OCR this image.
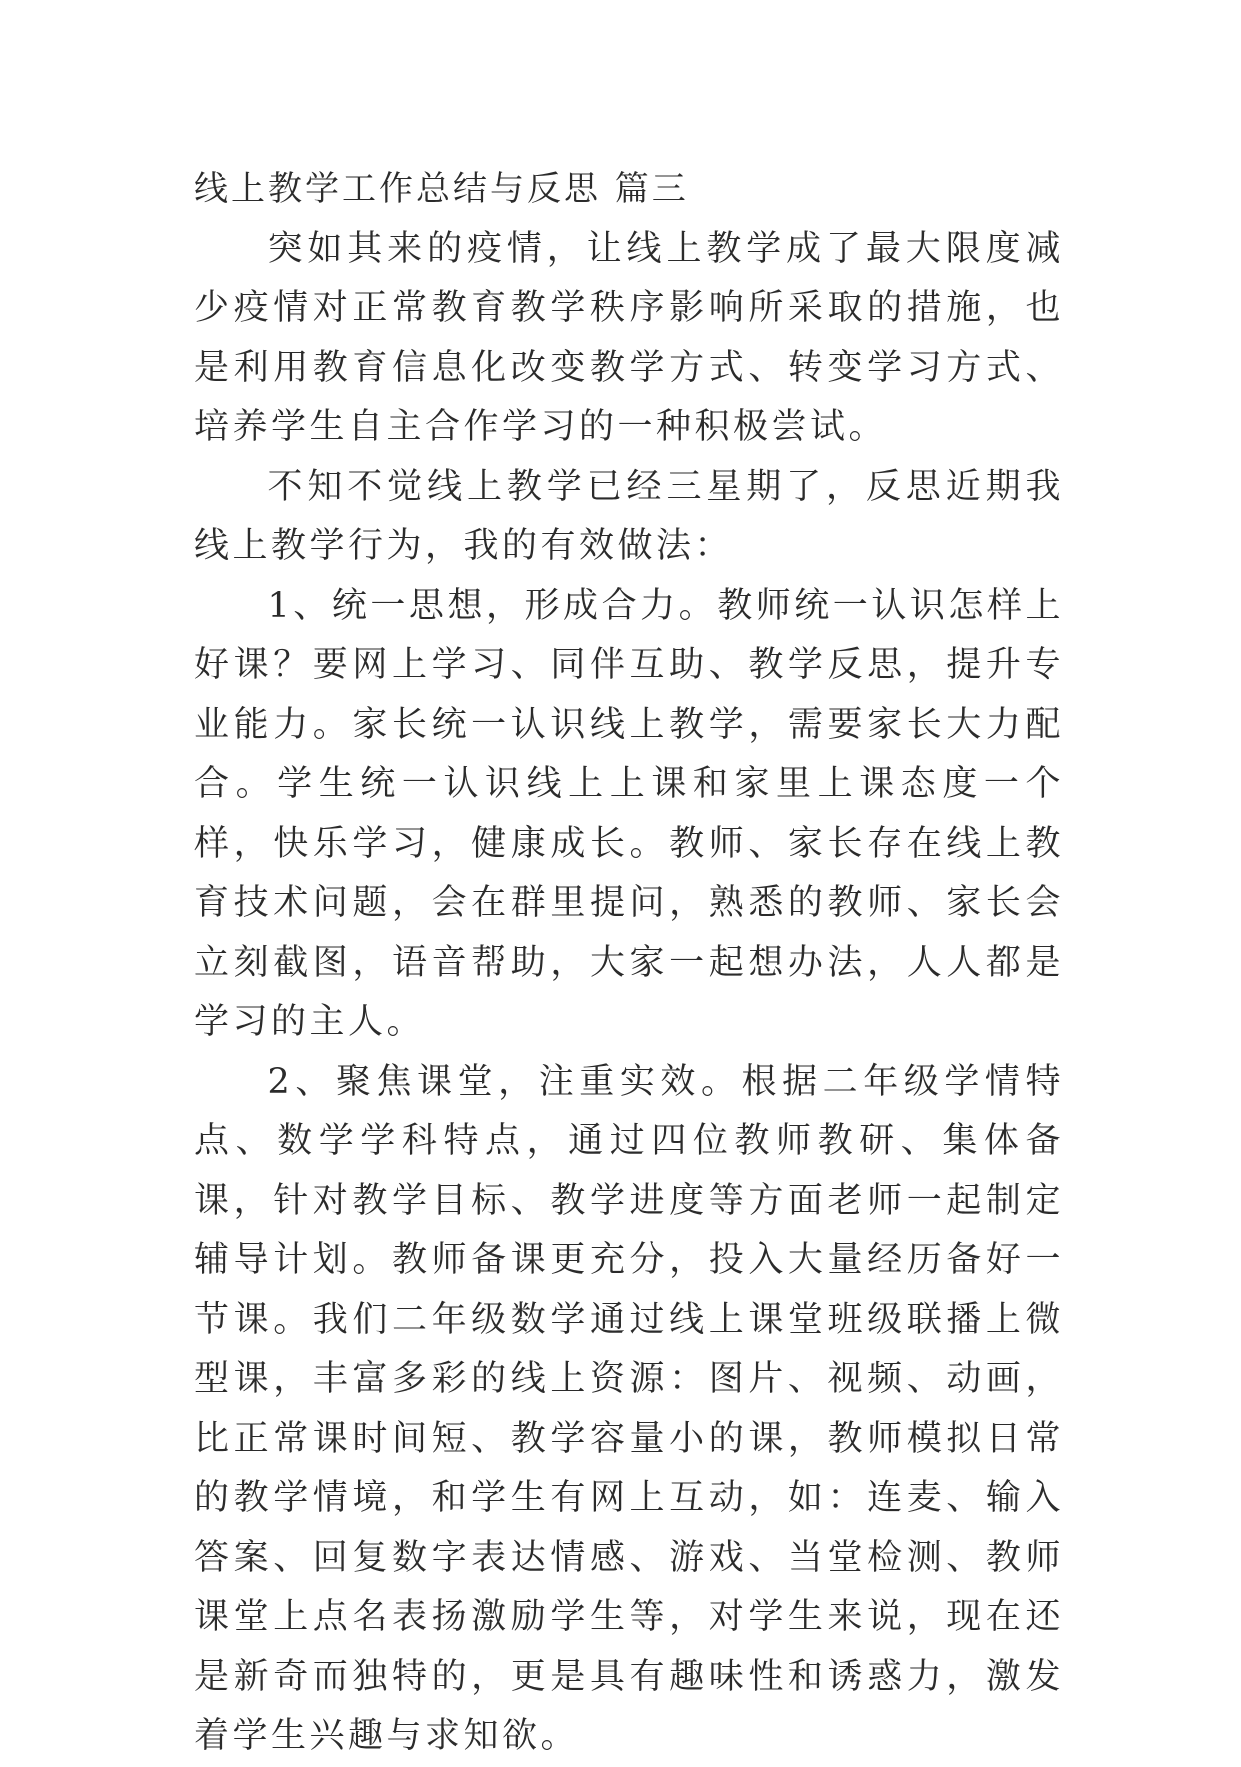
线上教学工作总结与反思 篇三

突如其来的疫情，让线上教学成了最大限度减少疫情对正常教育教学秩序影响所采取的措施，也是利用教育信息化改变教学方式、转变学习方式、培养学生自主合作学习的一种积极尝试。

不知不觉线上教学已经三星期了，反思近期我线上教学行为，我的有效做法：

1、统一思想，形成合力。教师统一认识怎样上好课？要网上学习、同伴互助、教学反思，提升专业能力。家长统一认识线上教学，需要家长大力配合。学生统一认识线上上课和家里上课态度一个样，快乐学习，健康成长。教师、家长存在线上教育技术问题，会在群里提问，熟悉的教师、家长会立刻截图，语音帮助，大家一起想办法，人人都是学习的主人。

2、聚焦课堂，注重实效。根据二年级学情特点、数学学科特点，通过四位教师教研、集体备课，针对教学目标、教学进度等方面老师一起制定辅导计划。教师备课更充分，投入大量经历备好一节课。我们二年级数学通过线上课堂班级联播上微型课，丰富多彩的线上资源：图片、视频、动画，比正常课时间短、教学容量小的课，教师模拟日常的教学情境，和学生有网上互动，如：连麦、输入答案、回复数字表达情感、游戏、当堂检测、教师课堂上点名表扬激励学生等，对学生来说，现在还是新奇而独特的，更是具有趣味性和诱惑力，激发着学生兴趣与求知欲。
